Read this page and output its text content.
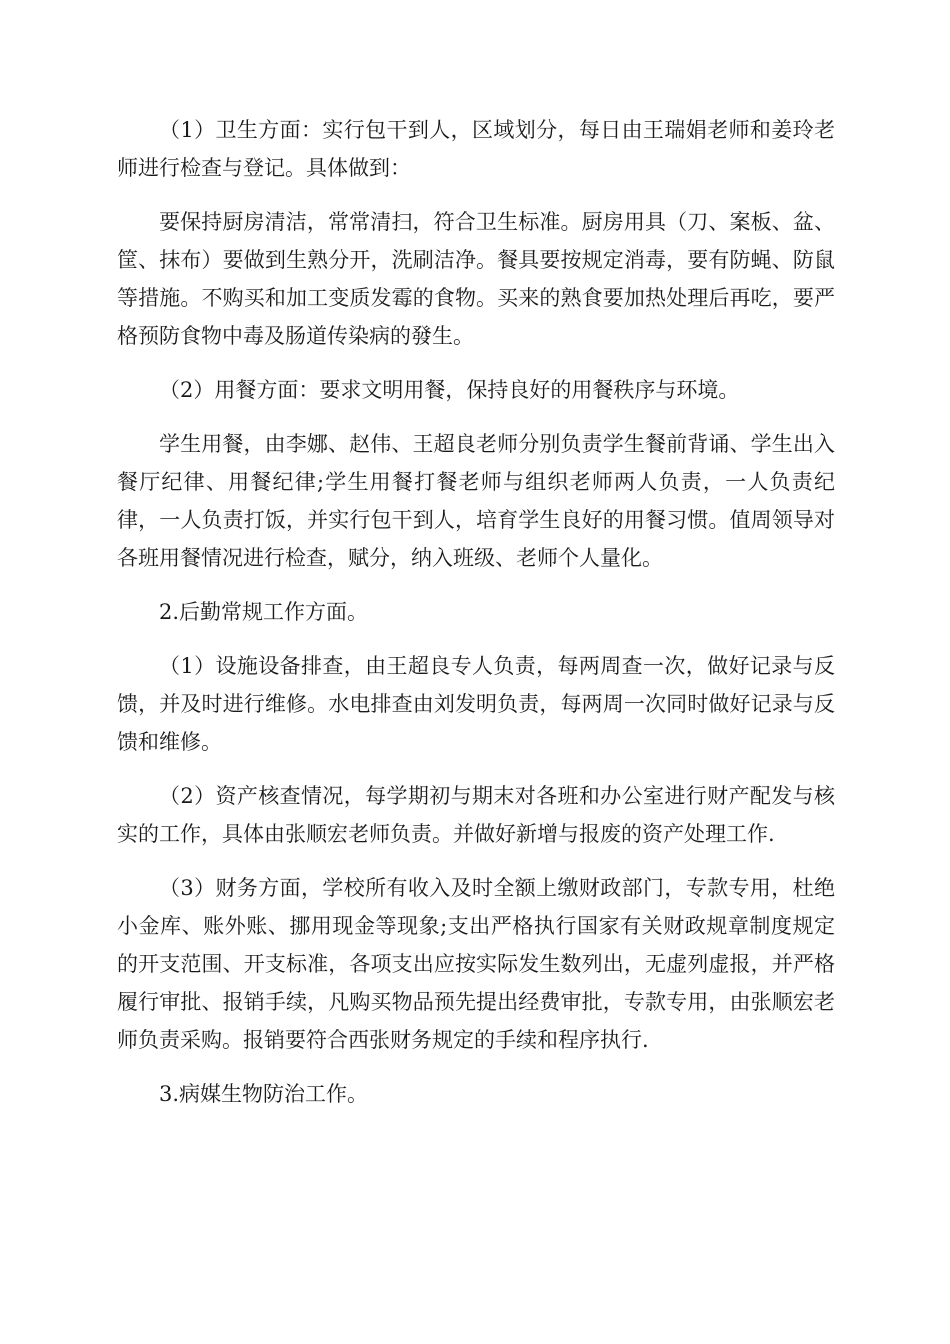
（1）卫生方面：实行包干到人，区域划分，每日由王瑞娟老师和姜玲老师进行检查与登记。具体做到：

要保持厨房清洁，常常清扫，符合卫生标准。厨房用具（刀、案板、盆、筐、抹布）要做到生熟分开，洗刷洁净。餐具要按规定消毒，要有防蝇、防鼠等措施。不购买和加工变质发霉的食物。买来的熟食要加热处理后再吃，要严格预防食物中毒及肠道传染病的發生。

（2）用餐方面：要求文明用餐，保持良好的用餐秩序与环境。

学生用餐，由李娜、赵伟、王超良老师分别负责学生餐前背诵、学生出入餐厅纪律、用餐纪律;学生用餐打餐老师与组织老师两人负责，一人负责纪律，一人负责打饭，并实行包干到人，培育学生良好的用餐习惯。值周领导对各班用餐情况进行检查，赋分，纳入班级、老师个人量化。

2.后勤常规工作方面。

（1）设施设备排查，由王超良专人负责，每两周查一次，做好记录与反馈，并及时进行维修。水电排查由刘发明负责，每两周一次同时做好记录与反馈和维修。

（2）资产核查情况，每学期初与期末对各班和办公室进行财产配发与核实的工作，具体由张顺宏老师负责。并做好新增与报废的资产处理工作.

（3）财务方面，学校所有收入及时全额上缴财政部门，专款专用，杜绝小金库、账外账、挪用现金等现象;支出严格执行国家有关财政规章制度规定的开支范围、开支标准，各项支出应按实际发生数列出，无虚列虚报，并严格履行审批、报销手续，凡购买物品预先提出经费审批，专款专用，由张顺宏老师负责采购。报销要符合西张财务规定的手续和程序执行.

3.病媒生物防治工作。
